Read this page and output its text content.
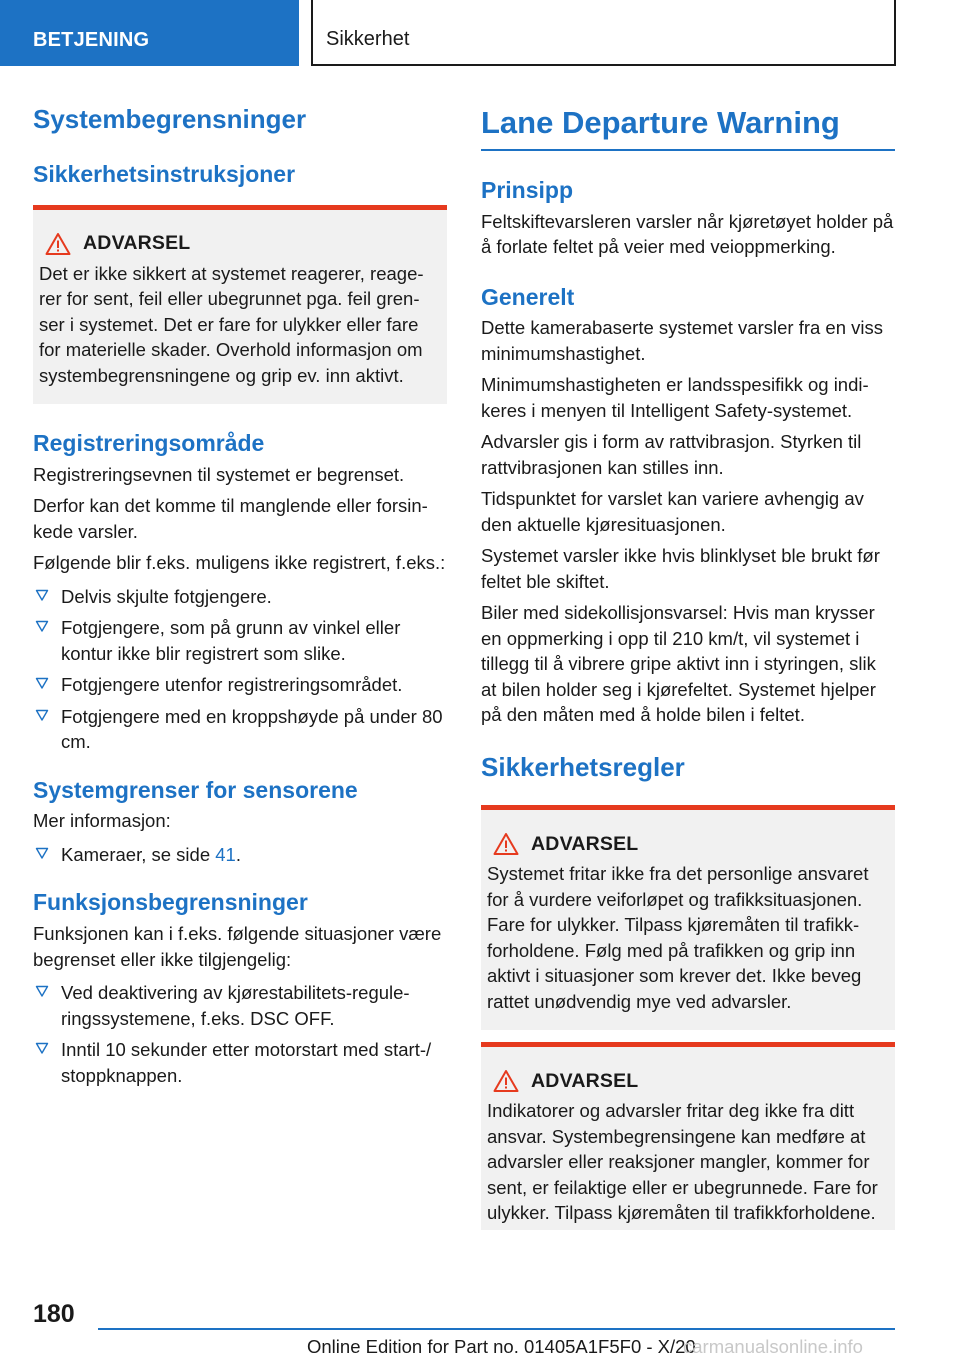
BETJENING	Sikkerhet
Systembegrensninger
Sikkerhetsinstruksjoner
ADVARSEL

Det er ikke sikkert at systemet reagerer, reagerer for sent, feil eller ubegrunnet pga. feil grenser i systemet. Det er fare for ulykker eller fare for materielle skader. Overhold informasjon om systembegrensningene og grip ev. inn aktivt.

Registreringsområde

Registreringsevnen til systemet er begrenset.

Derfor kan det komme til manglende eller forsinkede varsler.

Følgende blir f.eks. muligens ikke registrert, f.eks.:

Delvis skjulte fotgjengere.
Fotgjengere, som på grunn av vinkel eller kontur ikke blir registrert som slike.
Fotgjengere utenfor registreringsområdet.
Fotgjengere med en kroppshøyde på under 80 cm.
Systemgrenser for sensorene

Mer informasjon:

Kameraer, se side 41.
Funksjonsbegrensninger

Funksjonen kan i f.eks. følgende situasjoner være begrenset eller ikke tilgjengelig:

Ved deaktivering av kjørestabilitets-reguleringssystemene, f.eks. DSC OFF.
Inntil 10 sekunder etter motorstart med start-/ stoppknappen.
Lane Departure Warning
Prinsipp

Feltskiftevarsleren varsler når kjøretøyet holder på å forlate feltet på veier med veioppmerking.

Generelt

Dette kamerabaserte systemet varsler fra en viss minimumshastighet.

Minimumshastigheten er landsspesifikk og indikeres i menyen til Intelligent Safety-systemet.

Advarsler gis i form av rattvibrasjon. Styrken til rattvibrasjonen kan stilles inn.

Tidspunktet for varslet kan variere avhengig av den aktuelle kjøresituasjonen.

Systemet varsler ikke hvis blinklyset ble brukt før feltet ble skiftet.

Biler med sidekollisjonsvarsel: Hvis man krysser en oppmerking i opp til 210 km/t, vil systemet i tillegg til å vibrere gripe aktivt inn i styringen, slik at bilen holder seg i kjørefeltet. Systemet hjelper på den måten med å holde bilen i feltet.

Sikkerhetsregler
ADVARSEL

Systemet fritar ikke fra det personlige ansvaret for å vurdere veiforløpet og trafikksituasjonen. Fare for ulykker. Tilpass kjøremåten til trafikkforholdene. Følg med på trafikken og grip inn aktivt i situasjoner som krever det. Ikke beveg rattet unødvendig mye ved advarsler.

ADVARSEL

Indikatorer og advarsler fritar deg ikke fra ditt ansvar. Systembegrensingene kan medføre at advarsler eller reaksjoner mangler, kommer for sent, er feilaktige eller er ubegrunnede. Fare for ulykker. Tilpass kjøremåten til trafikkforholdene.

180
Online Edition for Part no. 01405A1F5F0 - X/20
carmanualsonline.info
